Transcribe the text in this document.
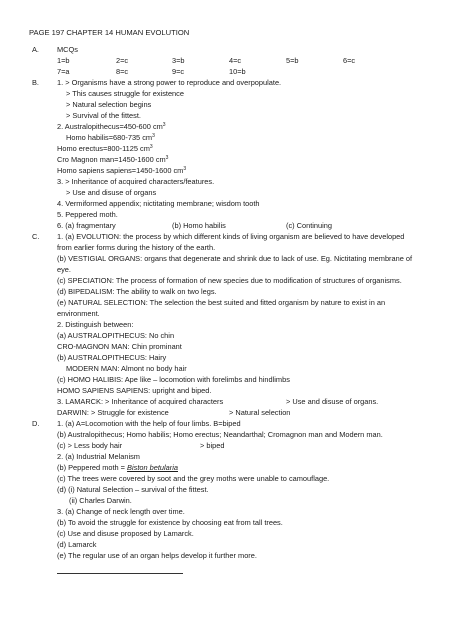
PAGE 197 CHAPTER 14 HUMAN EVOLUTION
A. MCQs
1=b	2=c	3=b	4=c	5=b	6=c
7=a	8=c	9=c	10=b
B. 1. > Organisms have a strong power to reproduce and overpopulate.
> This causes struggle for existence
> Natural selection begins
> Survival of the fittest.
2. Australopithecus=450-600 $cm^3$
Homo habilis=680-735 $cm^3$
Homo erectus=800-1125 $cm^3$
Cro Magnon man=1450-1600 $cm^3$
Homo sapiens sapiens=1450-1600 $cm^3$
3. > Inheritance of acquired characters/features.
> Use and disuse of organs
4. Vermiformed appendix; nictitating membrane; wisdom tooth
5. Peppered moth.
6. (a) fragmentary	(b) Homo habilis	(c) Continuing
C. 1. (a) EVOLUTION: the process by which different kinds of living organism are believed to have developed
from earlier forms during the history of the earth.
(b) VESTIGIAL ORGANS: organs that degenerate and shrink due to lack of use. Eg. Nictitating membrane of
eye.
(c) SPECIATION: The process of formation of new species due to modification of structures of organisms.
(d) BIPEDALISM: The ability to walk on two legs.
(e) NATURAL SELECTION: The selection the best suited and fitted organism by nature to exist in an
environment.
2. Distinguish between:
(a) AUSTRALOPITHECUS: No chin
CRO-MAGNON MAN: Chin prominant
(b) AUSTRALOPITHECUS: Hairy
MODERN MAN: Almont no body hair
(c) HOMO HALIBIS: Ape like – locomotion with forelimbs and hindlimbs
HOMO SAPIENS SAPIENS: upright and biped.
3. LAMARCK: > Inheritance of acquired characters	> Use and disuse of organs.
DARWIN: > Struggle for existence	> Natural selection
D. 1. (a) A=Locomotion with the help of four limbs. B=biped
(b) Australopithecus; Homo habilis; Homo erectus; Neandarthal; Cromagnon man and Modern man.
(c) > Less body hair	> biped
2. (a) Industrial Melanism
(b) Peppered moth = Biston betularia
(c) The trees were covered by soot and the grey moths were unable to camouflage.
(d) (i) Natural Selection – survival of the fittest.
(ii) Charles Darwin.
3. (a) Change of neck length over time.
(b) To avoid the struggle for existence by choosing eat from tall trees.
(c) Use and disuse proposed by Lamarck.
(d) Lamarck
(e) The regular use of an organ helps develop it further more.
